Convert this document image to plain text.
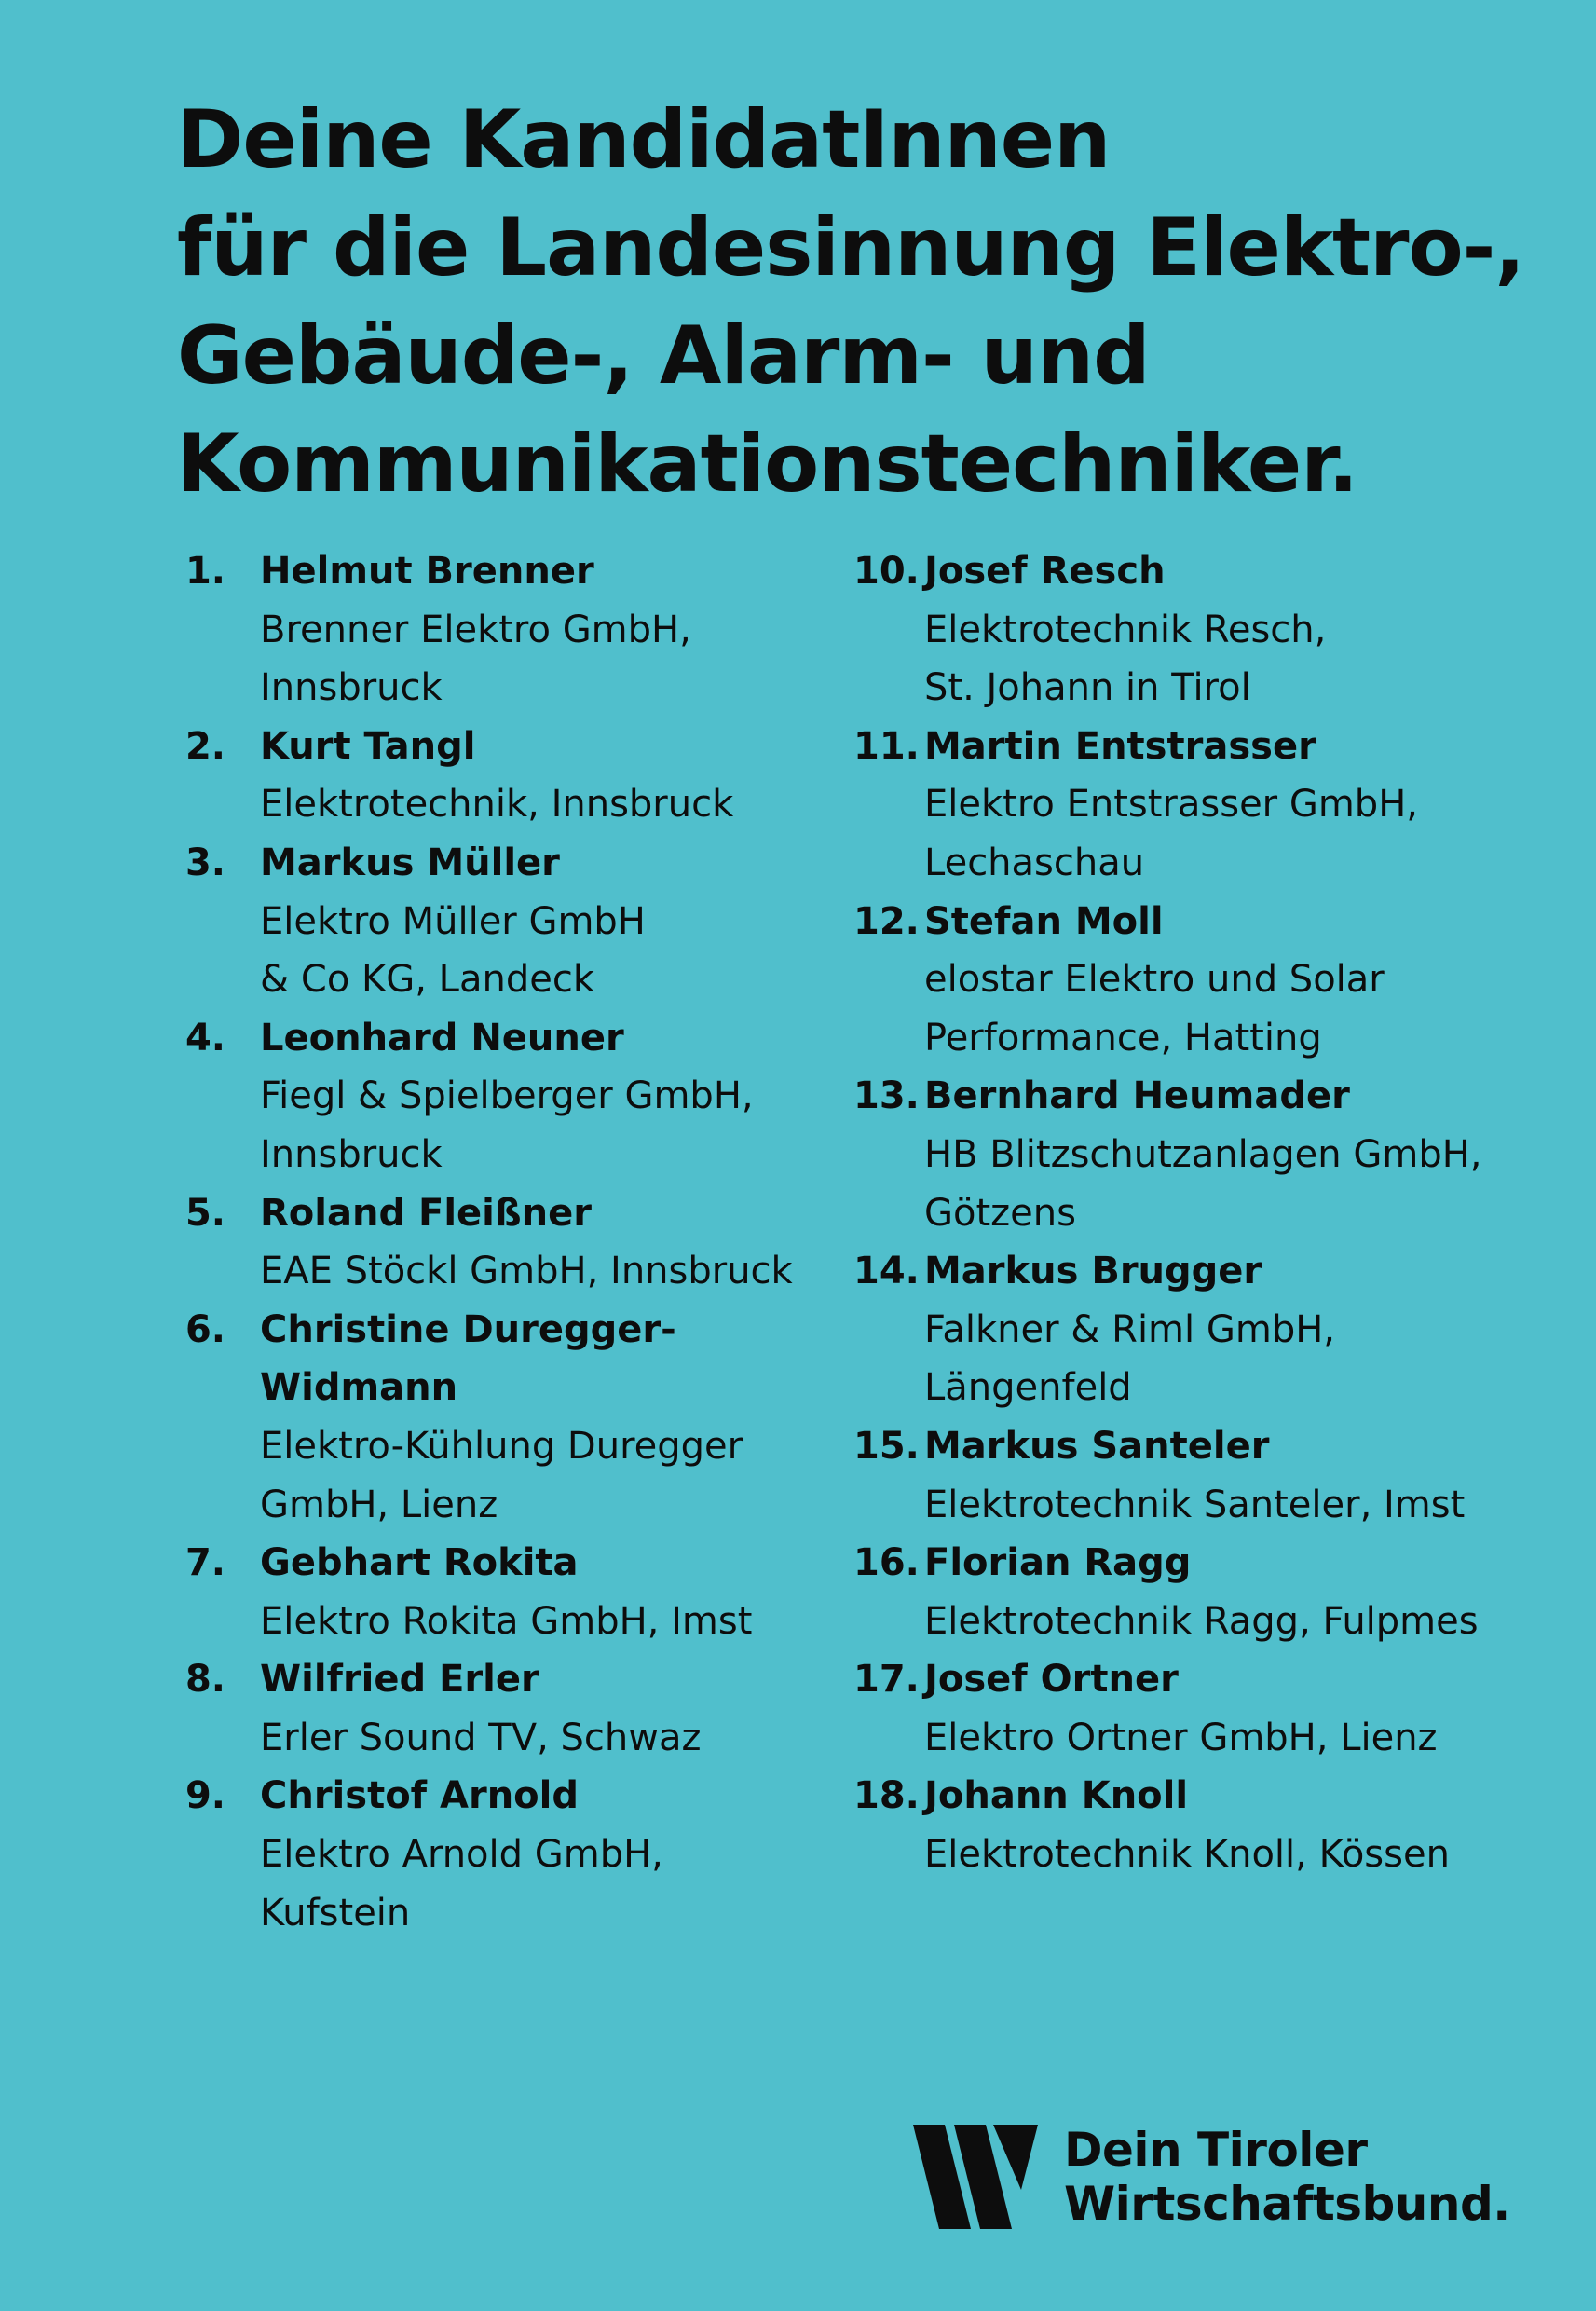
Deine KandidatInnen
für die Landesinnung Elektro-,
Gebäude-, Alarm- und
Kommunikationstechniker.
1. Helmut Brenner
Brenner Elektro GmbH,
Innsbruck
2. Kurt Tangl
Elektrotechnik, Innsbruck
3. Markus Müller
Elektro Müller GmbH
& Co KG, Landeck
4. Leonhard Neuner
Fiegl & Spielberger GmbH,
Innsbruck
5. Roland Fleißner
EAE Stöckl GmbH, Innsbruck
6. Christine Duregger-
Widmann
Elektro-Kühlung Duregger
GmbH, Lienz
7. Gebhart Rokita
Elektro Rokita GmbH, Imst
8. Wilfried Erler
Erler Sound TV, Schwaz
9. Christof Arnold
Elektro Arnold GmbH,
Kufstein
10. Josef Resch
Elektrotechnik Resch,
St. Johann in Tirol
11. Martin Entstrasser
Elektro Entstrasser GmbH,
Lechaschau
12. Stefan Moll
elostar Elektro und Solar
Performance, Hatting
13. Bernhard Heumader
HB Blitzschutzanlagen GmbH,
Götzens
14. Markus Brugger
Falkner & Riml GmbH,
Längenfeld
15. Markus Santeler
Elektrotechnik Santeler, Imst
16. Florian Ragg
Elektrotechnik Ragg, Fulpmes
17. Josef Ortner
Elektro Ortner GmbH, Lienz
18. Johann Knoll
Elektrotechnik Knoll, Kössen
Dein Tiroler
Wirtschaftsbund.
